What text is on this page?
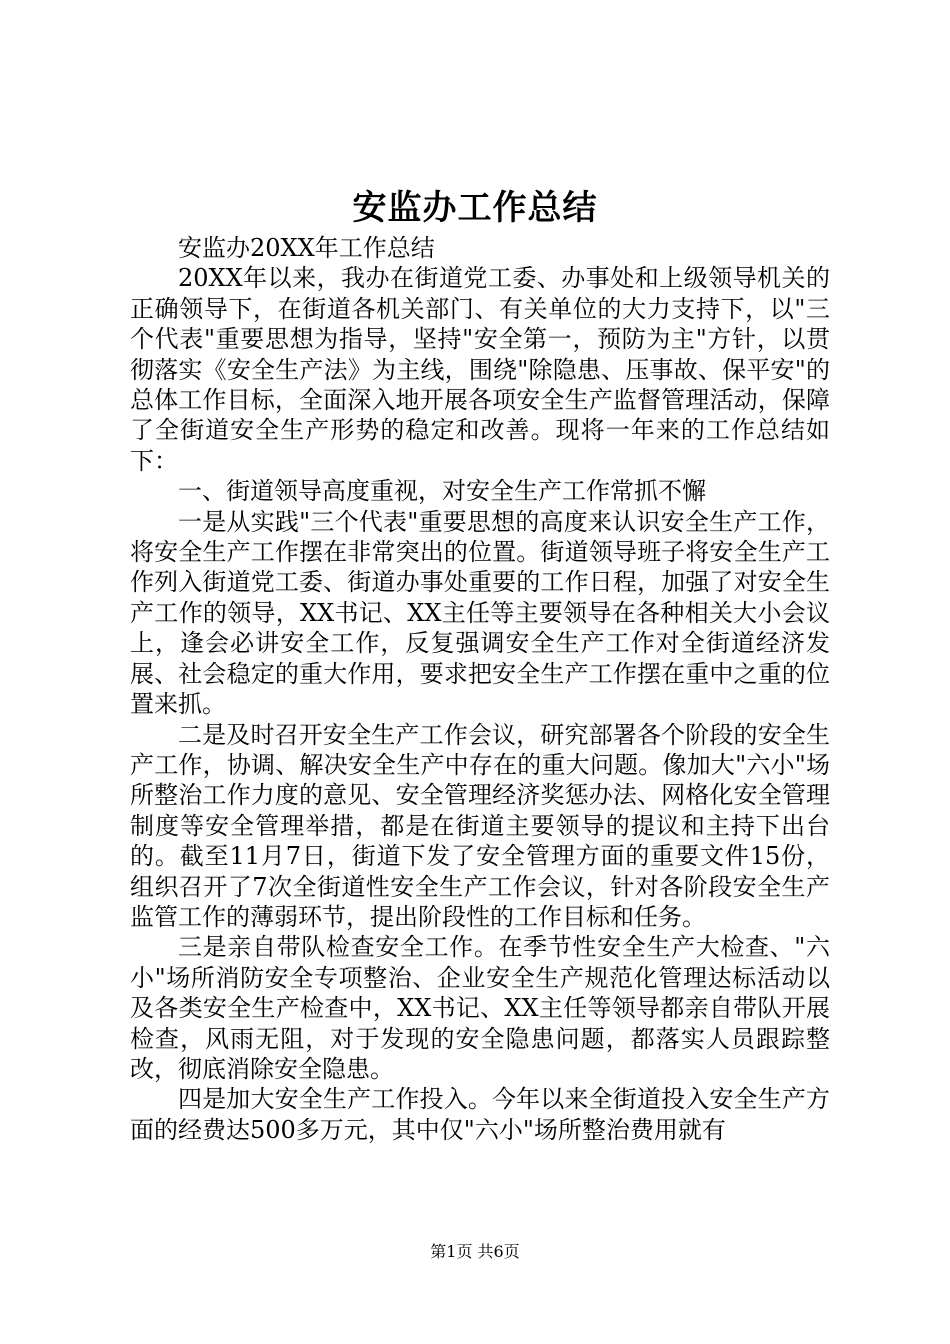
安监办工作总结

安监办20XX年工作总结

20XX年以来，我办在街道党工委、办事处和上级领导机关的正确领导下，在街道各机关部门、有关单位的大力支持下，以"三个代表"重要思想为指导，坚持"安全第一，预防为主"方针，以贯彻落实《安全生产法》为主线，围绕"除隐患、压事故、保平安"的总体工作目标，全面深入地开展各项安全生产监督管理活动，保障了全街道安全生产形势的稳定和改善。现将一年来的工作总结如下：

一、街道领导高度重视，对安全生产工作常抓不懈

一是从实践"三个代表"重要思想的高度来认识安全生产工作，将安全生产工作摆在非常突出的位置。街道领导班子将安全生产工作列入街道党工委、街道办事处重要的工作日程，加强了对安全生产工作的领导，XX书记、XX主任等主要领导在各种相关大小会议上，逢会必讲安全工作，反复强调安全生产工作对全街道经济发展、社会稳定的重大作用，要求把安全生产工作摆在重中之重的位置来抓。

二是及时召开安全生产工作会议，研究部署各个阶段的安全生产工作，协调、解决安全生产中存在的重大问题。像加大"六小"场所整治工作力度的意见、安全管理经济奖惩办法、网格化安全管理制度等安全管理举措，都是在街道主要领导的提议和主持下出台的。截至11月7日，街道下发了安全管理方面的重要文件15份，组织召开了7次全街道性安全生产工作会议，针对各阶段安全生产监管工作的薄弱环节，提出阶段性的工作目标和任务。

三是亲自带队检查安全工作。在季节性安全生产大检查、"六小"场所消防安全专项整治、企业安全生产规范化管理达标活动以及各类安全生产检查中，XX书记、XX主任等领导都亲自带队开展检查，风雨无阻，对于发现的安全隐患问题，都落实人员跟踪整改，彻底消除安全隐患。

四是加大安全生产工作投入。今年以来全街道投入安全生产方面的经费达500多万元，其中仅"六小"场所整治费用就有

第1页 共6页
